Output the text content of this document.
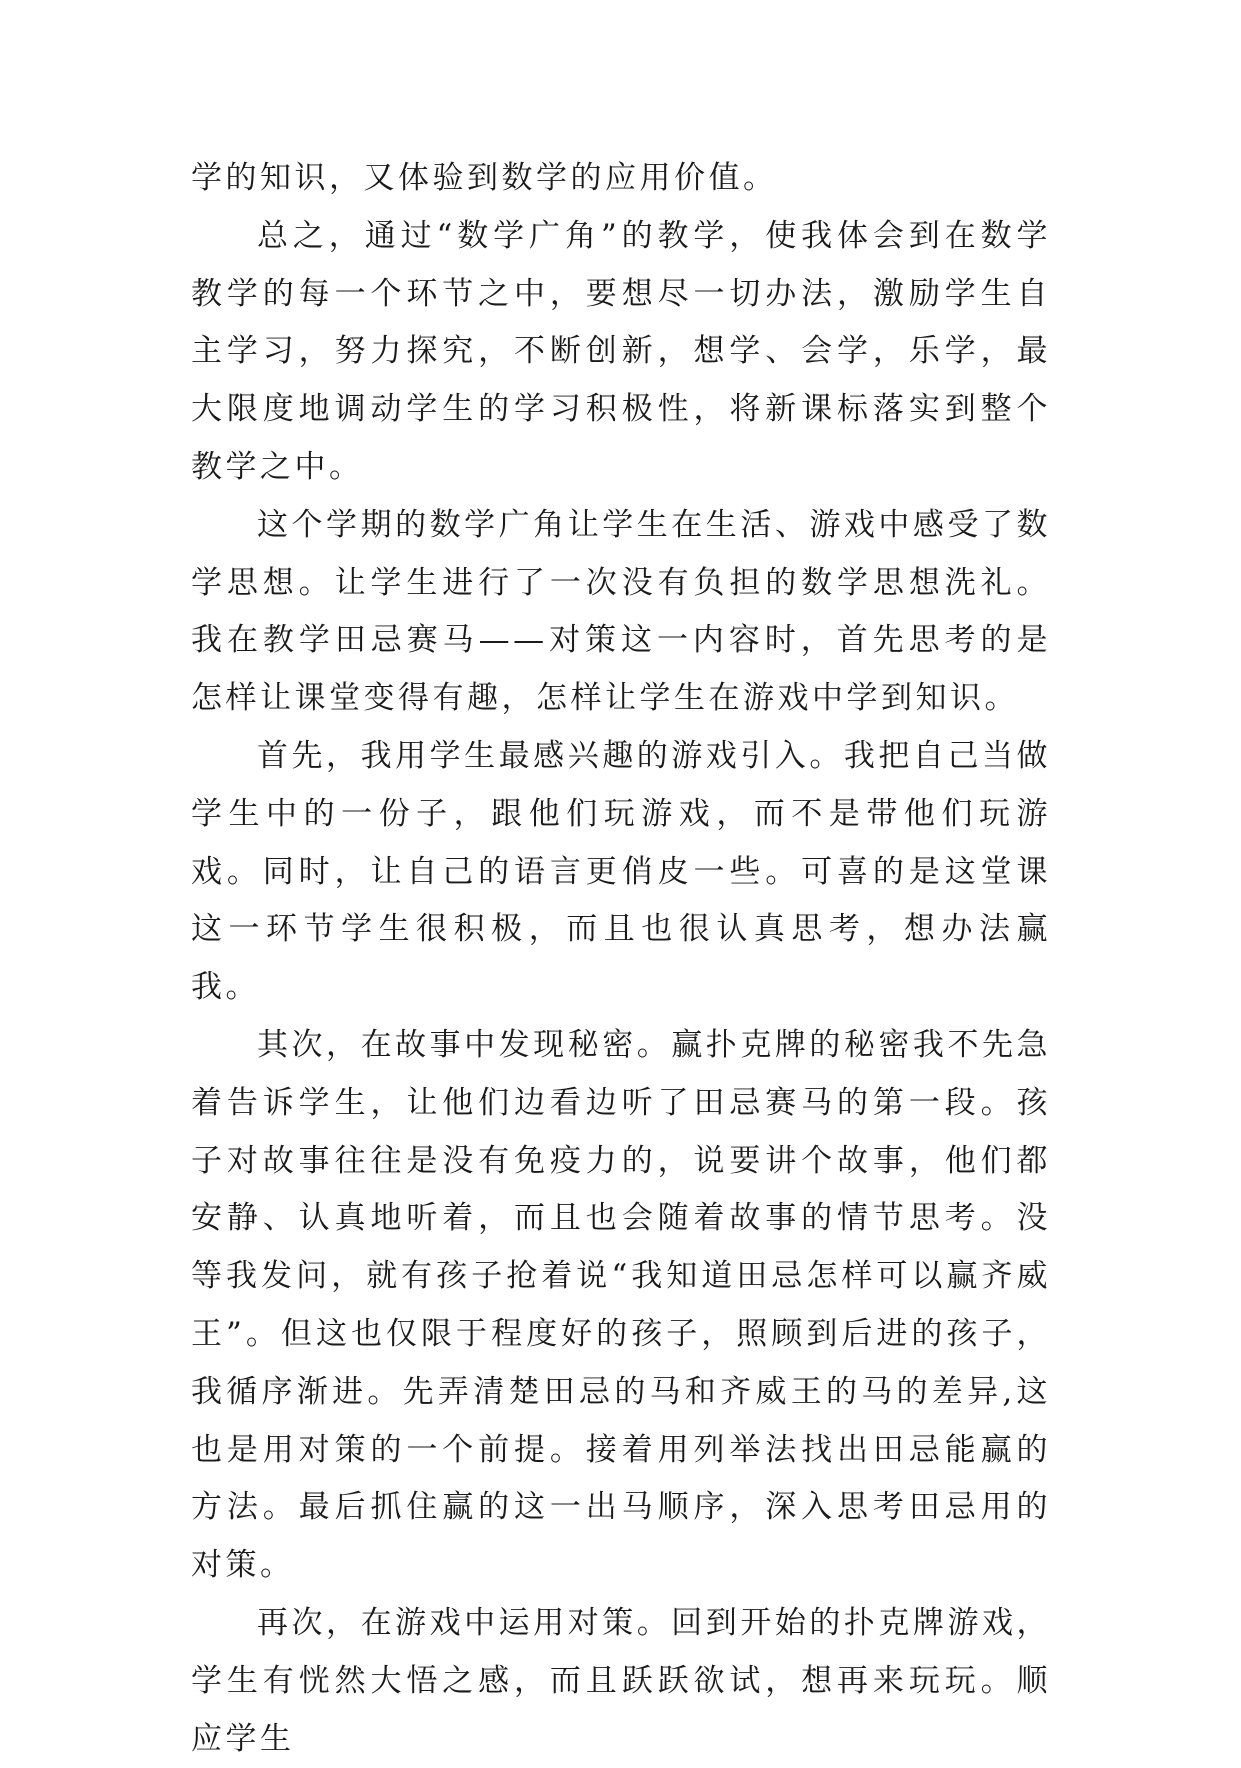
学的知识，又体验到数学的应用价值。

总之，通过“数学广角”的教学，使我体会到在数学教学的每一个环节之中，要想尽一切办法，激励学生自主学习，努力探究，不断创新，想学、会学，乐学，最大限度地调动学生的学习积极性，将新课标落实到整个教学之中。

这个学期的数学广角让学生在生活、游戏中感受了数学思想。让学生进行了一次没有负担的数学思想洗礼。我在教学田忌赛马——对策这一内容时，首先思考的是怎样让课堂变得有趣，怎样让学生在游戏中学到知识。

首先，我用学生最感兴趣的游戏引入。我把自己当做学生中的一份子，跟他们玩游戏，而不是带他们玩游戏。同时，让自己的语言更俏皮一些。可喜的是这堂课这一环节学生很积极，而且也很认真思考，想办法赢我。

其次，在故事中发现秘密。赢扑克牌的秘密我不先急着告诉学生，让他们边看边听了田忌赛马的第一段。孩子对故事往往是没有免疫力的，说要讲个故事，他们都安静、认真地听着，而且也会随着故事的情节思考。没等我发问，就有孩子抢着说“我知道田忌怎样可以赢齐威王”。但这也仅限于程度好的孩子，照顾到后进的孩子，我循序渐进。先弄清楚田忌的马和齐威王的马的差异,这也是用对策的一个前提。接着用列举法找出田忌能赢的方法。最后抓住赢的这一出马顺序，深入思考田忌用的对策。

再次，在游戏中运用对策。回到开始的扑克牌游戏，学生有恍然大悟之感，而且跃跃欲试，想再来玩玩。顺应学生
